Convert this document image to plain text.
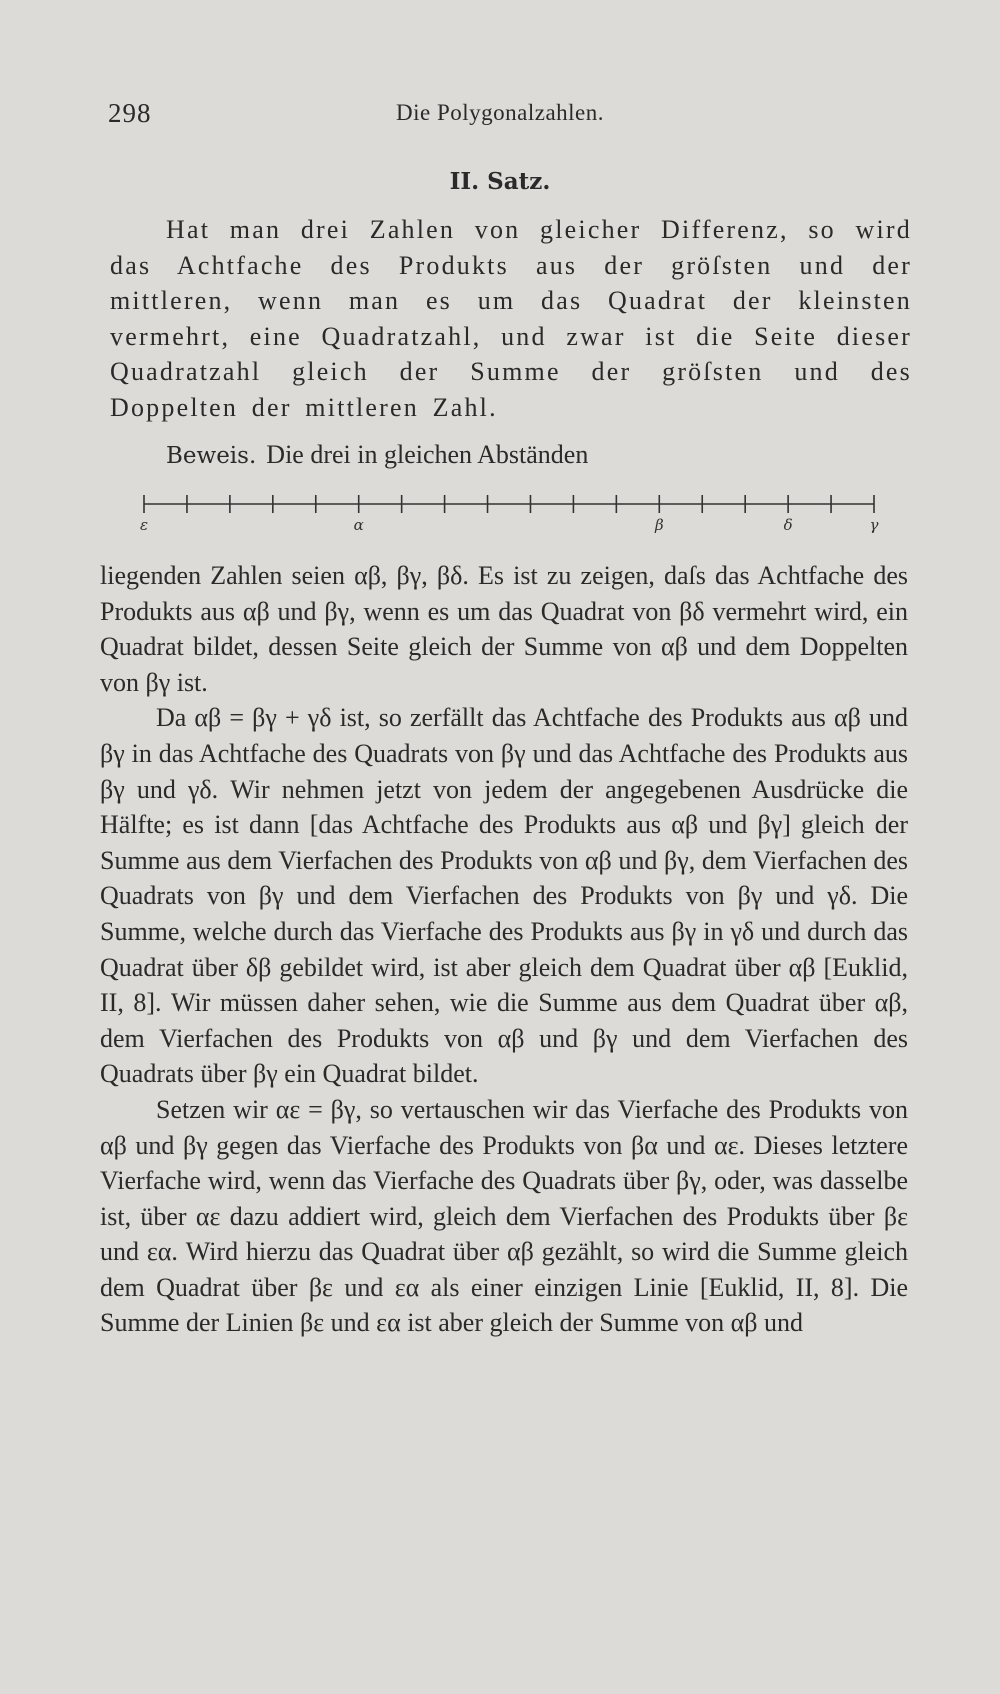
298	Die Polygonalzahlen.
II. Satz.
Hat man drei Zahlen von gleicher Differenz, so wird das Achtfache des Produkts aus der gröſsten und der mittleren, wenn man es um das Quadrat der kleinsten vermehrt, eine Quadratzahl, und zwar ist die Seite dieser Quadratzahl gleich der Summe der gröſsten und des Doppelten der mittleren Zahl.
Beweis. Die drei in gleichen Abständen
ε	α	β	δ	γ

liegenden Zahlen seien αβ, βγ, βδ. Es ist zu zeigen, daſs das Achtfache des Produkts aus αβ und βγ, wenn es um das Quadrat von βδ vermehrt wird, ein Quadrat bildet, dessen Seite gleich der Summe von αβ und dem Doppelten von βγ ist.

Da αβ = βγ + γδ ist, so zerfällt das Achtfache des Produkts aus αβ und βγ in das Achtfache des Quadrats von βγ und das Achtfache des Produkts aus βγ und γδ. Wir nehmen jetzt von jedem der angegebenen Ausdrücke die Hälfte; es ist dann [das Achtfache des Produkts aus αβ und βγ] gleich der Summe aus dem Vierfachen des Produkts von αβ und βγ, dem Vierfachen des Quadrats von βγ und dem Vierfachen des Produkts von βγ und γδ. Die Summe, welche durch das Vierfache des Produkts aus βγ in γδ und durch das Quadrat über δβ gebildet wird, ist aber gleich dem Quadrat über αβ [Euklid, II, 8]. Wir müssen daher sehen, wie die Summe aus dem Quadrat über αβ, dem Vierfachen des Produkts von αβ und βγ und dem Vierfachen des Quadrats über βγ ein Quadrat bildet.

Setzen wir αε = βγ, so vertauschen wir das Vierfache des Produkts von αβ und βγ gegen das Vierfache des Produkts von βα und αε. Dieses letztere Vierfache wird, wenn das Vierfache des Quadrats über βγ, oder, was dasselbe ist, über αε dazu addiert wird, gleich dem Vierfachen des Produkts über βε und εα. Wird hierzu das Quadrat über αβ gezählt, so wird die Summe gleich dem Quadrat über βε und εα als einer einzigen Linie [Euklid, II, 8]. Die Summe der Linien βε und εα ist aber gleich der Summe von αβ und
